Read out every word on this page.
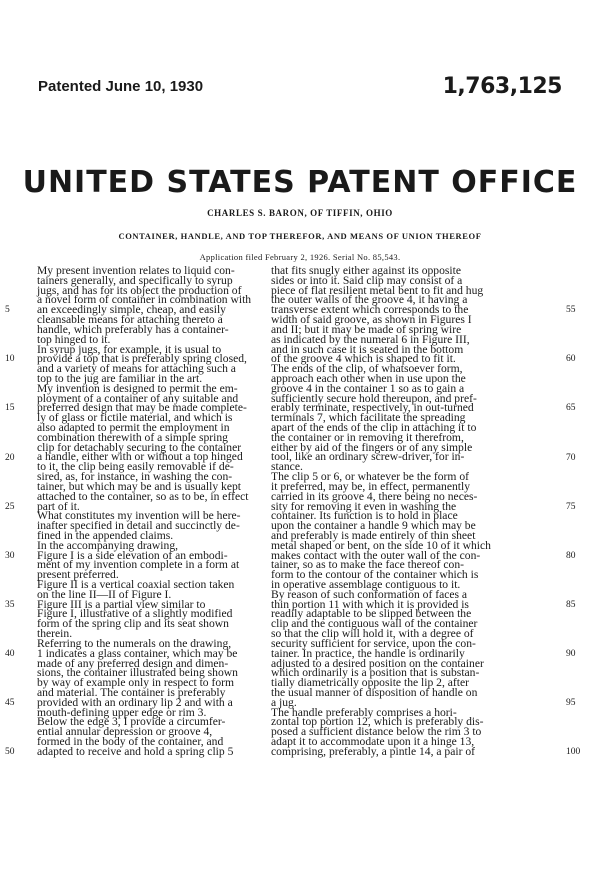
Patented June 10, 1930	1,763,125
UNITED STATES PATENT OFFICE
CHARLES S. BARON, OF TIFFIN, OHIO
CONTAINER, HANDLE, AND TOP THEREFOR, AND MEANS OF UNION THEREOF
Application filed February 2, 1926. Serial No. 85,543.
My present invention relates to liquid con-
tainers generally, and specifically to syrup
jugs, and has for its object the production of
a novel form of container in combination with
an exceedingly simple, cheap, and easily
cleansable means for attaching thereto a
handle, which preferably has a container-
top hinged to it.
In syrup jugs, for example, it is usual to
provide a top that is preferably spring closed,
and a variety of means for attaching such a
top to the jug are familiar in the art.
My invention is designed to permit the em-
ployment of a container of any suitable and
preferred design that may be made complete-
ly of glass or fictile material, and which is
also adapted to permit the employment in
combination therewith of a simple spring
clip for detachably securing to the container
a handle, either with or without a top hinged
to it, the clip being easily removable if de-
sired, as, for instance, in washing the con-
tainer, but which may be and is usually kept
attached to the container, so as to be, in effect
part of it.
What constitutes my invention will be here-
inafter specified in detail and succinctly de-
fined in the appended claims.
In the accompanying drawing,
Figure I is a side elevation of an embodi-
ment of my invention complete in a form at
present preferred.
Figure II is a vertical coaxial section taken
on the line II—II of Figure I.
Figure III is a partial view similar to
Figure I, illustrative of a slightly modified
form of the spring clip and its seat shown
therein.
Referring to the numerals on the drawing,
1 indicates a glass container, which may be
made of any preferred design and dimen-
sions, the container illustrated being shown
by way of example only in respect to form
and material. The container is preferably
provided with an ordinary lip 2 and with a
mouth-defining upper edge or rim 3.
Below the edge 3, I provide a circumfer-
ential annular depression or groove 4,
formed in the body of the container, and
adapted to receive and hold a spring clip 5
that fits snugly either against its opposite
sides or into it. Said clip may consist of a
piece of flat resilient metal bent to fit and hug
the outer walls of the groove 4, it having a
transverse extent which corresponds to the
width of said groove, as shown in Figures I
and II; but it may be made of spring wire
as indicated by the numeral 6 in Figure III,
and in such case it is seated in the bottom
of the groove 4 which is shaped to fit it.
The ends of the clip, of whatsoever form,
approach each other when in use upon the
groove 4 in the container 1 so as to gain a
sufficiently secure hold thereupon, and pref-
erably terminate, respectively, in out-turned
terminals 7, which facilitate the spreading
apart of the ends of the clip in attaching it to
the container or in removing it therefrom,
either by aid of the fingers or of any simple
tool, like an ordinary screw-driver, for in-
stance.
The clip 5 or 6, or whatever be the form of
it preferred, may be, in effect, permanently
carried in its groove 4, there being no neces-
sity for removing it even in washing the
container. Its function is to hold in place
upon the container a handle 9 which may be
and preferably is made entirely of thin sheet
metal shaped or bent, on the side 10 of it which
makes contact with the outer wall of the con-
tainer, so as to make the face thereof con-
form to the contour of the container which is
in operative assemblage contiguous to it.
By reason of such conformation of faces a
thin portion 11 with which it is provided is
readily adaptable to be slipped between the
clip and the contiguous wall of the container
so that the clip will hold it, with a degree of
security sufficient for service, upon the con-
tainer. In practice, the handle is ordinarily
adjusted to a desired position on the container
which ordinarily is a position that is substan-
tially diametrically opposite the lip 2, after
the usual manner of disposition of handle on
a jug.
The handle preferably comprises a hori-
zontal top portion 12, which is preferably dis-
posed a sufficient distance below the rim 3 to
adapt it to accommodate upon it a hinge 13,
comprising, preferably, a pintle 14, a pair of
5
10
15
20
25
30
35
40
45
50
55
60
65
70
75
80
85
90
95
100
